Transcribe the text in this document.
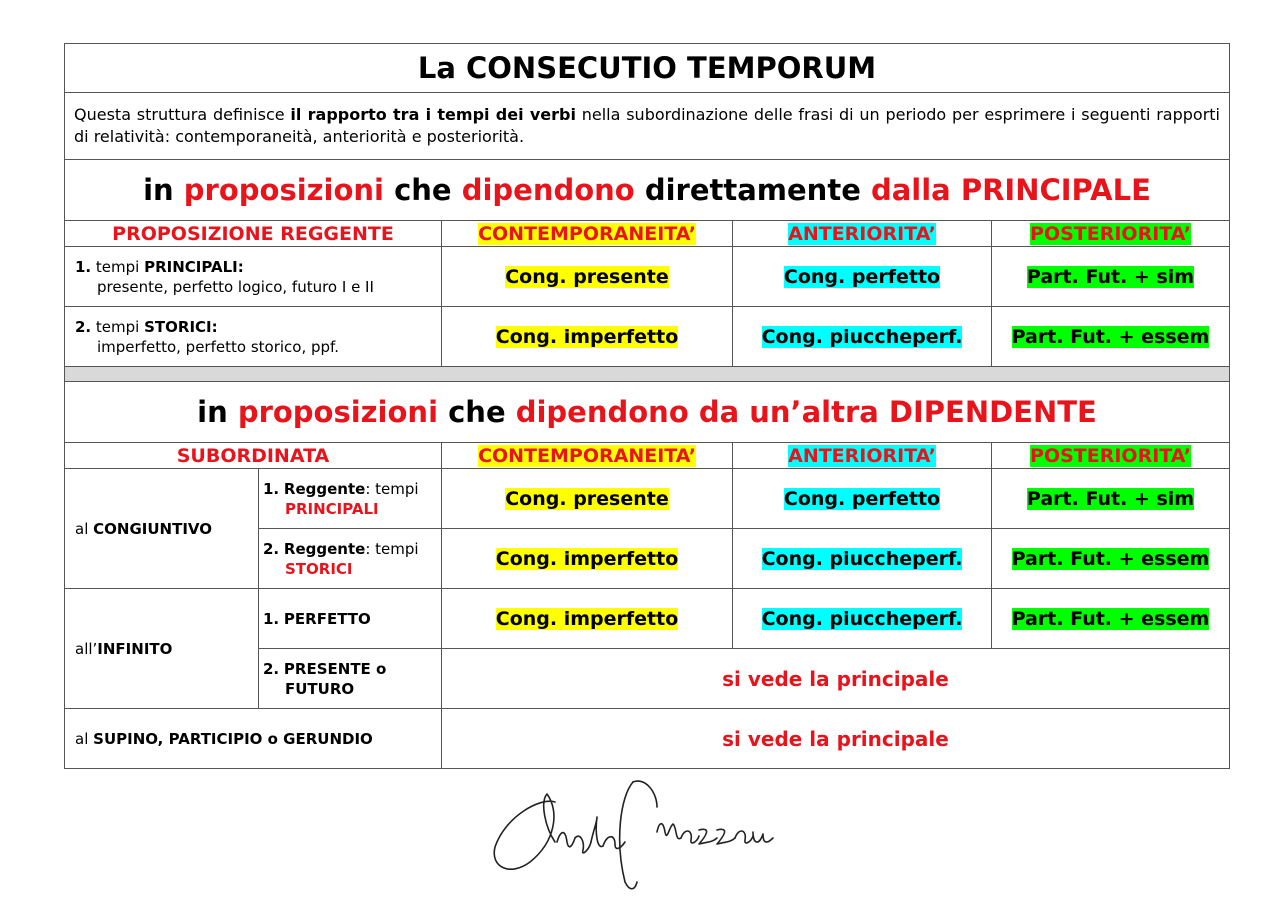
La CONSECUTIO TEMPORUM				
Questa struttura definisce il rapporto tra i tempi dei verbi nella subordinazione delle frasi di un periodo per esprimere i seguenti rapporti di relatività: contemporaneità, anteriorità e posteriorità.				
in proposizioni che dipendono direttamente dalla PRINCIPALE				
PROPOSIZIONE REGGENTE		CONTEMPORANEITA’	ANTERIORITA’	POSTERIORITA’
1. tempi PRINCIPALI:
presente, perfetto logico, futuro I e II		Cong. presente	Cong. perfetto	Part. Fut. + sim
2. tempi STORICI:
imperfetto, perfetto storico, ppf.		Cong. imperfetto	Cong. piuccheperf.	Part. Fut. + essem

in proposizioni che dipendono da un’altra DIPENDENTE				
SUBORDINATA		CONTEMPORANEITA’	ANTERIORITA’	POSTERIORITA’
al CONGIUNTIVO	1. Reggente: tempi
PRINCIPALI	Cong. presente	Cong. perfetto	Part. Fut. + sim
	2. Reggente: tempi
STORICI	Cong. imperfetto	Cong. piuccheperf.	Part. Fut. + essem
all’INFINITO	1. PERFETTO	Cong. imperfetto	Cong. piuccheperf.	Part. Fut. + essem
	2. PRESENTE o
FUTURO	si vede la principale		
al SUPINO, PARTICIPIO o GERUNDIO		si vede la principale		
